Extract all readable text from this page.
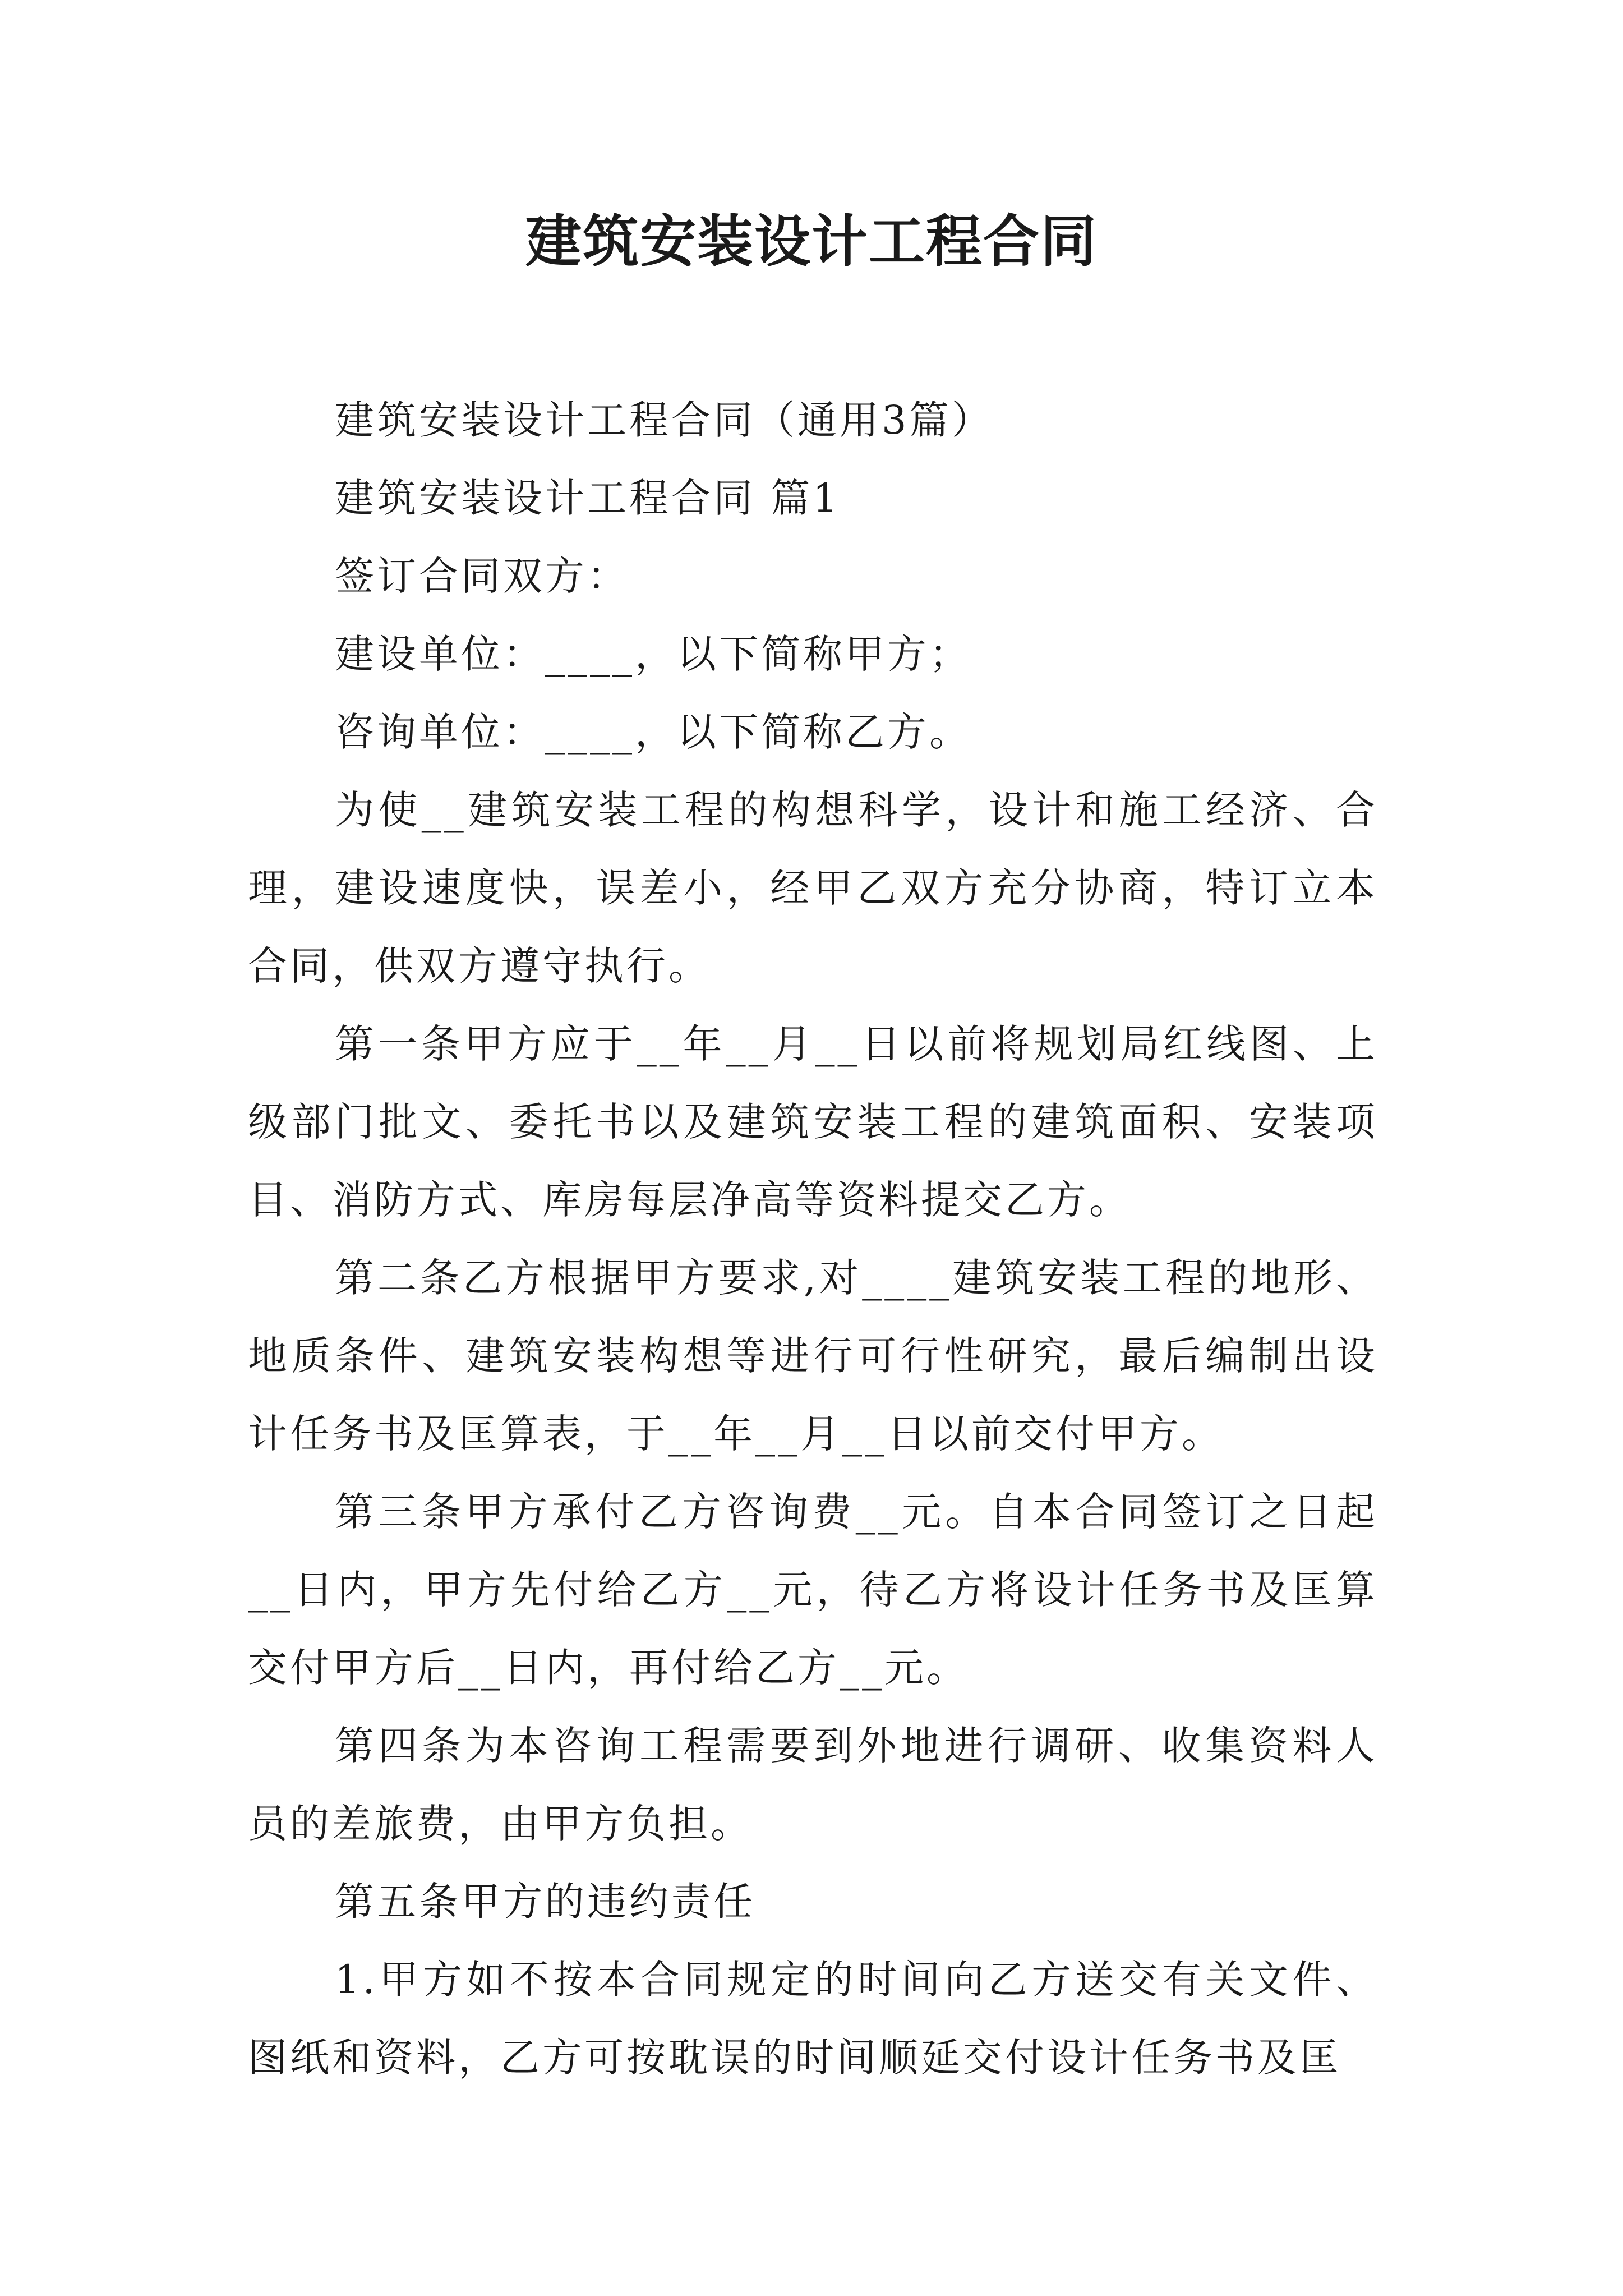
建筑安装设计工程合同

建筑安装设计工程合同（通用3篇）

建筑安装设计工程合同 篇1

签订合同双方：

建设单位：____，以下简称甲方；

咨询单位：____，以下简称乙方。

为使__建筑安装工程的构想科学，设计和施工经济、合理，建设速度快，误差小，经甲乙双方充分协商，特订立本合同，供双方遵守执行。

第一条甲方应于__年__月__日以前将规划局红线图、上级部门批文、委托书以及建筑安装工程的建筑面积、安装项目、消防方式、库房每层净高等资料提交乙方。

第二条乙方根据甲方要求,对____建筑安装工程的地形、地质条件、建筑安装构想等进行可行性研究，最后编制出设计任务书及匡算表，于__年__月__日以前交付甲方。

第三条甲方承付乙方咨询费__元。自本合同签订之日起__日内，甲方先付给乙方__元，待乙方将设计任务书及匡算交付甲方后__日内，再付给乙方__元。

第四条为本咨询工程需要到外地进行调研、收集资料人员的差旅费，由甲方负担。

第五条甲方的违约责任

1.甲方如不按本合同规定的时间向乙方送交有关文件、图纸和资料，乙方可按耽误的时间顺延交付设计任务书及匡
